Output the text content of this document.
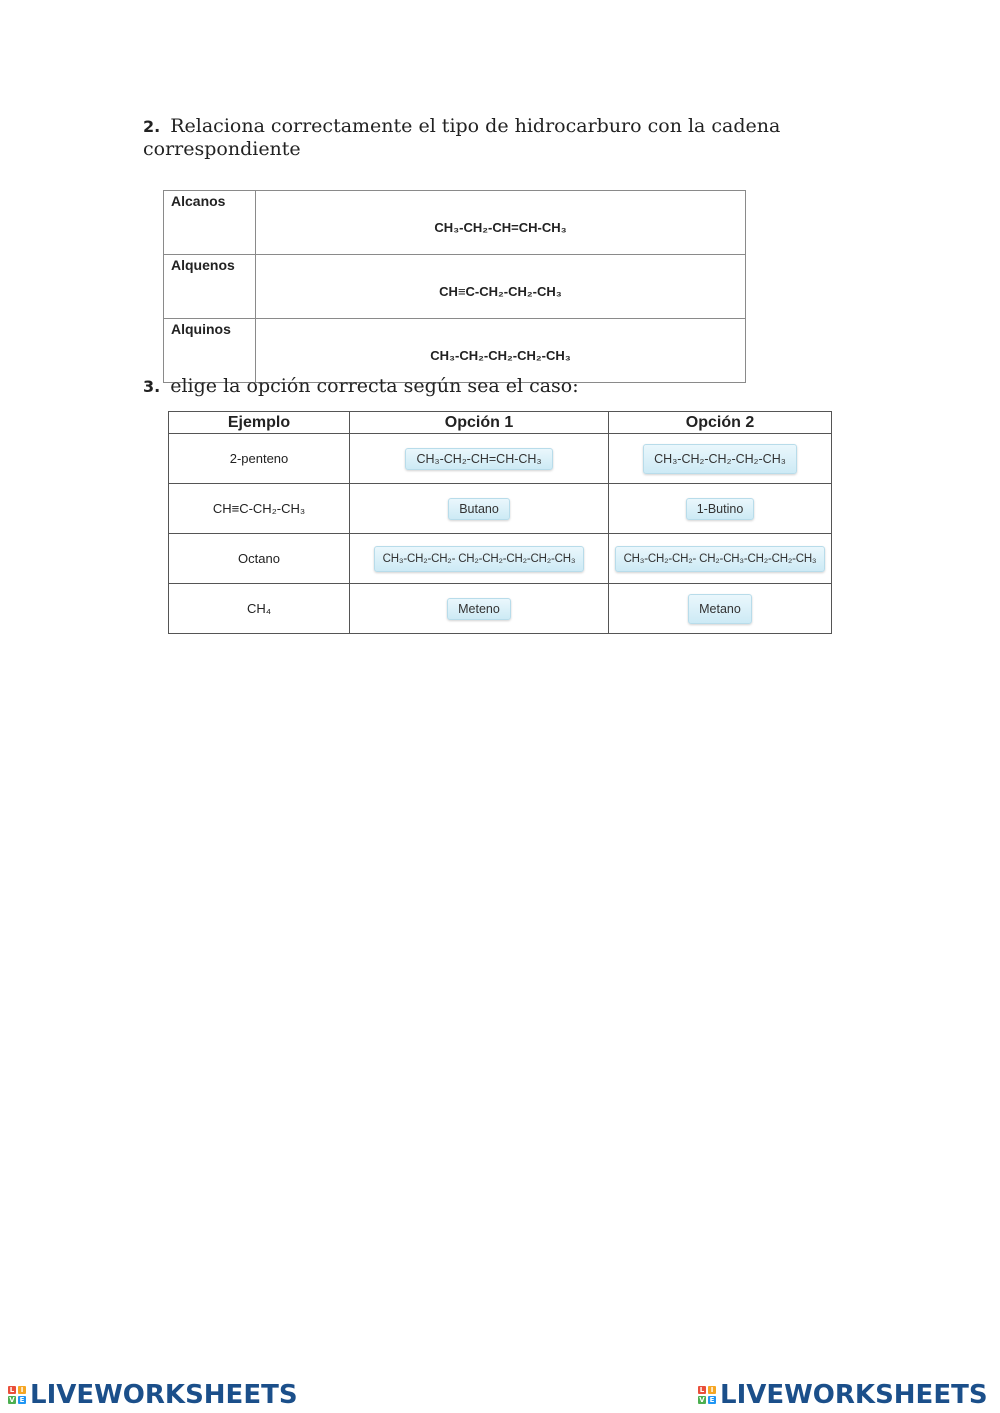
2. Relaciona correctamente el tipo de hidrocarburo con la cadena correspondiente
Alcanos	CH₃-CH₂-CH=CH-CH₃
Alquenos	CH≡C-CH₂-CH₂-CH₃
Alquinos	CH₃-CH₂-CH₂-CH₂-CH₃
3. elige la opción correcta según sea el caso:
Ejemplo	Opción 1	Opción 2
2-penteno	CH₃-CH₂-CH=CH-CH₃	CH₃-CH₂-CH₂-CH₂-CH₃
CH≡C-CH₂-CH₃	Butano	1-Butino
Octano	CH₃-CH₂-CH₂- CH₂-CH₂-CH₂-CH₂-CH₃	CH₃-CH₂-CH₂- CH₂-CH₃-CH₂-CH₂-CH₃
CH₄	Meteno	Metano
L I
V E LIVEWORKSHEETS	L I
V E LIVEWORKSHEETS
